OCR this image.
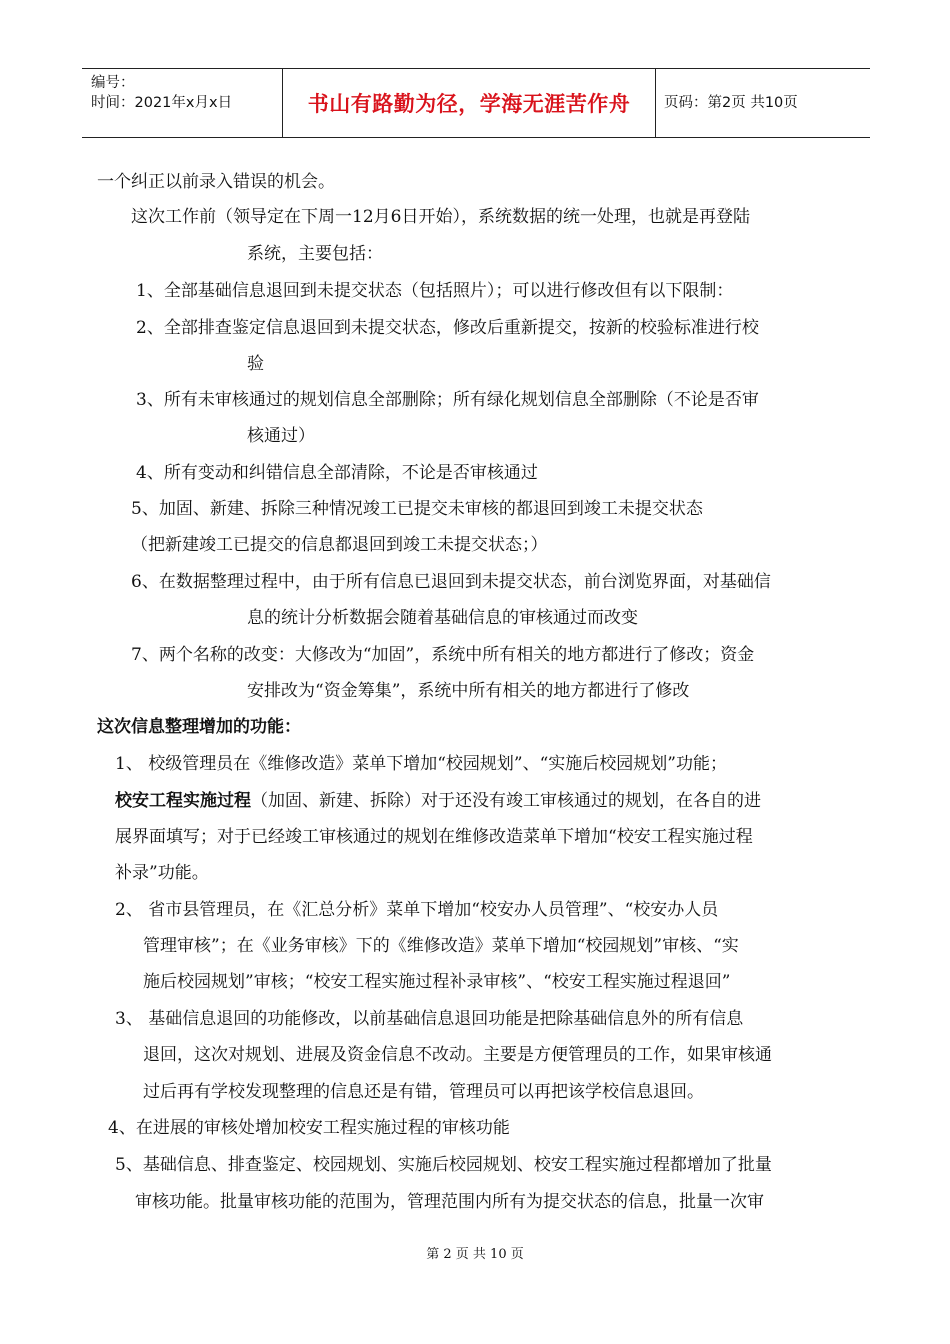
编号：
时间：2021年x月x日	书山有路勤为径，学海无涯苦作舟 页码：第2页 共10页
一个纠正以前录入错误的机会。
这次工作前（领导定在下周一12月6日开始），系统数据的统一处理，也就是再登陆
系统，主要包括：
1、全部基础信息退回到未提交状态（包括照片）；可以进行修改但有以下限制：
2、全部排查鉴定信息退回到未提交状态，修改后重新提交，按新的校验标准进行校
验
3、所有未审核通过的规划信息全部删除；所有绿化规划信息全部删除（不论是否审
核通过）
4、所有变动和纠错信息全部清除，不论是否审核通过
5、加固、新建、拆除三种情况竣工已提交未审核的都退回到竣工未提交状态
（把新建竣工已提交的信息都退回到竣工未提交状态；）
6、在数据整理过程中，由于所有信息已退回到未提交状态，前台浏览界面，对基础信
息的统计分析数据会随着基础信息的审核通过而改变
7、两个名称的改变：大修改为“加固”，系统中所有相关的地方都进行了修改；资金
安排改为“资金筹集”，系统中所有相关的地方都进行了修改
这次信息整理增加的功能：
1、 校级管理员在《维修改造》菜单下增加“校园规划”、“实施后校园规划”功能；
校安工程实施过程（加固、新建、拆除）对于还没有竣工审核通过的规划，在各自的进
展界面填写；对于已经竣工审核通过的规划在维修改造菜单下增加“校安工程实施过程
补录”功能。
2、 省市县管理员，在《汇总分析》菜单下增加“校安办人员管理”、“校安办人员
管理审核”；在《业务审核》下的《维修改造》菜单下增加“校园规划”审核、“实
施后校园规划”审核；“校安工程实施过程补录审核”、“校安工程实施过程退回”
3、 基础信息退回的功能修改，以前基础信息退回功能是把除基础信息外的所有信息
退回，这次对规划、进展及资金信息不改动。主要是方便管理员的工作，如果审核通
过后再有学校发现整理的信息还是有错，管理员可以再把该学校信息退回。
4、在进展的审核处增加校安工程实施过程的审核功能
5、基础信息、排查鉴定、校园规划、实施后校园规划、校安工程实施过程都增加了批量
审核功能。批量审核功能的范围为，管理范围内所有为提交状态的信息，批量一次审
第 2 页 共 10 页
